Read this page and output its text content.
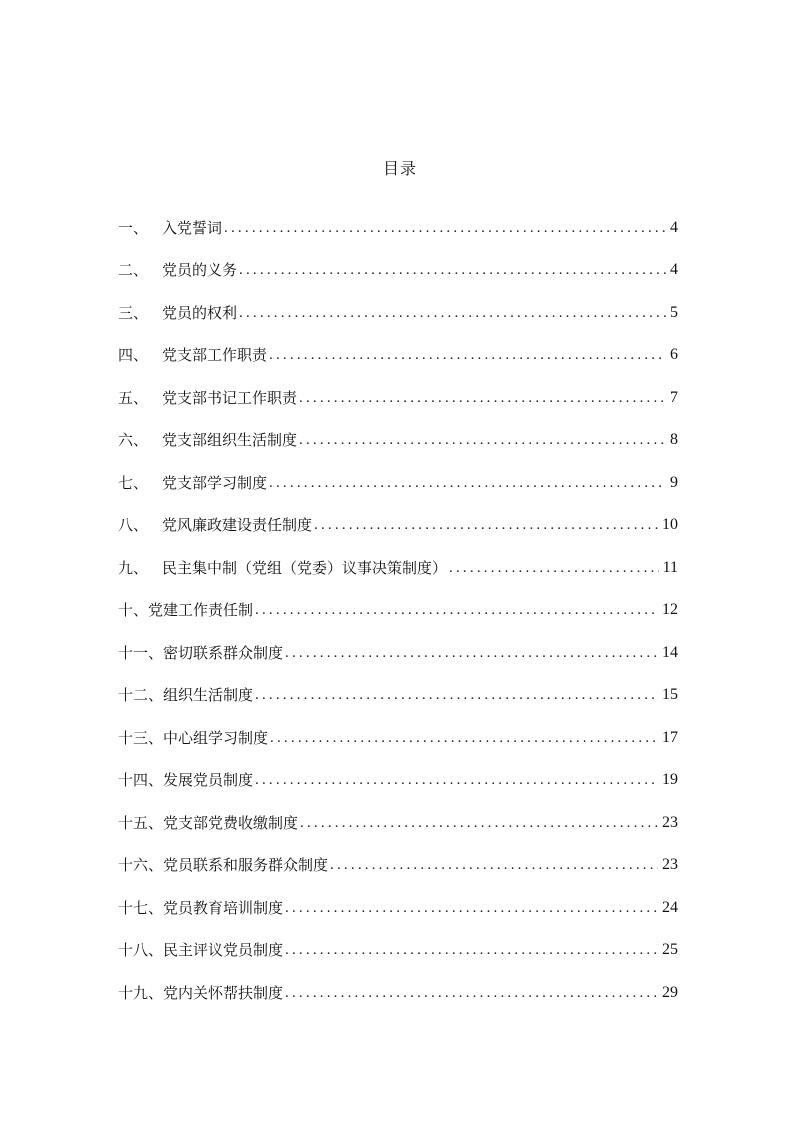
目录
一、 入党誓词 .....	4
二、 党员的义务 .....	4
三、 党员的权利 .....	5
四、 党支部工作职责 .....	6
五、 党支部书记工作职责 .....	7
六、 党支部组织生活制度 .....	8
七、 党支部学习制度 .....	9
八、 党风廉政建设责任制度 .....	10
九、 民主集中制（党组（党委）议事决策制度） .....	11
十、 党建工作责任制 .....	12
十一、 密切联系群众制度 .....	14
十二、 组织生活制度 .....	15
十三、 中心组学习制度 .....	17
十四、 发展党员制度 .....	19
十五、 党支部党费收缴制度 .....	23
十六、 党员联系和服务群众制度 .....	23
十七、 党员教育培训制度 .....	24
十八、 民主评议党员制度 .....	25
十九、 党内关怀帮扶制度 .....	29
